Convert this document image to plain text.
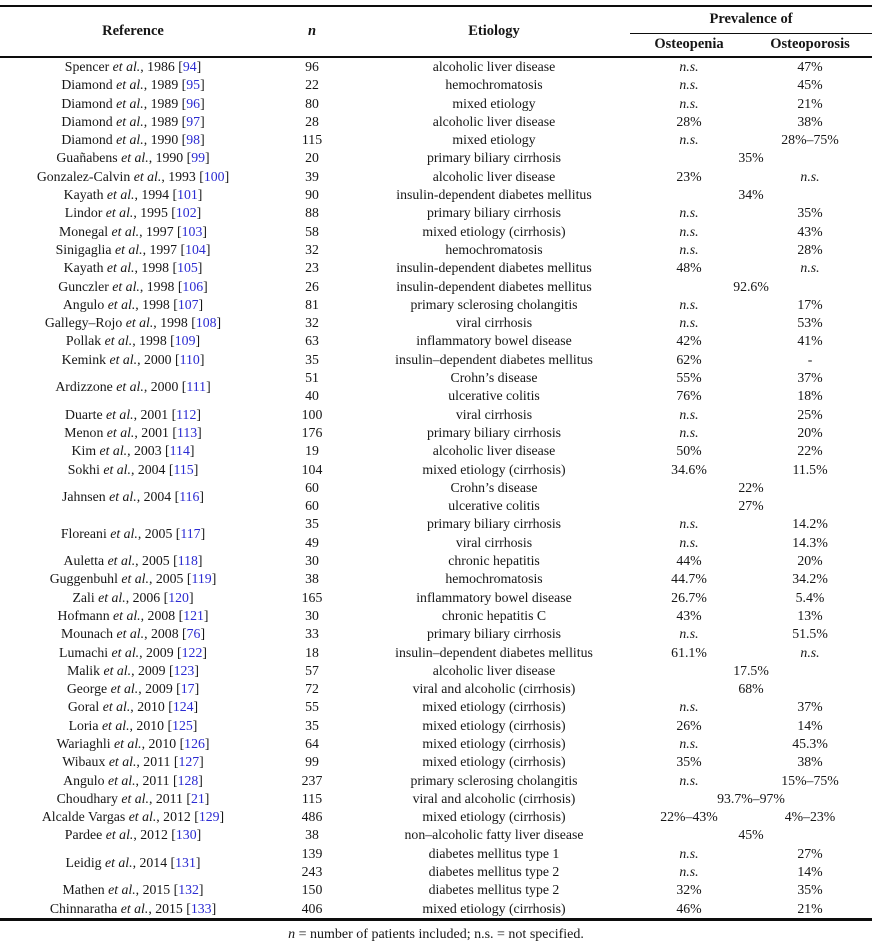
Reference	n	Etiology	Prevalence of	
			Osteopenia	Osteoporosis
Spencer et al., 1986 [94]	96	alcoholic liver disease	n.s.	47%
Diamond et al., 1989 [95]	22	hemochromatosis	n.s.	45%
Diamond et al., 1989 [96]	80	mixed etiology	n.s.	21%
Diamond et al., 1989 [97]	28	alcoholic liver disease	28%	38%
Diamond et al., 1990 [98]	115	mixed etiology	n.s.	28%–75%
Guañabens et al., 1990 [99]	20	primary biliary cirrhosis	35%	
Gonzalez-Calvin et al., 1993 [100]	39	alcoholic liver disease	23%	n.s.
Kayath et al., 1994 [101]	90	insulin-dependent diabetes mellitus	34%	
Lindor et al., 1995 [102]	88	primary biliary cirrhosis	n.s.	35%
Monegal et al., 1997 [103]	58	mixed etiology (cirrhosis)	n.s.	43%
Sinigaglia et al., 1997 [104]	32	hemochromatosis	n.s.	28%
Kayath et al., 1998 [105]	23	insulin-dependent diabetes mellitus	48%	n.s.
Gunczler et al., 1998 [106]	26	insulin-dependent diabetes mellitus	92.6%	
Angulo et al., 1998 [107]	81	primary sclerosing cholangitis	n.s.	17%
Gallegy–Rojo et al., 1998 [108]	32	viral cirrhosis	n.s.	53%
Pollak et al., 1998 [109]	63	inflammatory bowel disease	42%	41%
Kemink et al., 2000 [110]	35	insulin–dependent diabetes mellitus	62%	-
Ardizzone et al., 2000 [111]	51	Crohn’s disease	55%	37%
	40	ulcerative colitis	76%	18%
Duarte et al., 2001 [112]	100	viral cirrhosis	n.s.	25%
Menon et al., 2001 [113]	176	primary biliary cirrhosis	n.s.	20%
Kim et al., 2003 [114]	19	alcoholic liver disease	50%	22%
Sokhi et al., 2004 [115]	104	mixed etiology (cirrhosis)	34.6%	11.5%
Jahnsen et al., 2004 [116]	60	Crohn’s disease	22%	
	60	ulcerative colitis	27%	
Floreani et al., 2005 [117]	35	primary biliary cirrhosis	n.s.	14.2%
	49	viral cirrhosis	n.s.	14.3%
Auletta et al., 2005 [118]	30	chronic hepatitis	44%	20%
Guggenbuhl et al., 2005 [119]	38	hemochromatosis	44.7%	34.2%
Zali et al., 2006 [120]	165	inflammatory bowel disease	26.7%	5.4%
Hofmann et al., 2008 [121]	30	chronic hepatitis C	43%	13%
Mounach et al., 2008 [76]	33	primary biliary cirrhosis	n.s.	51.5%
Lumachi et al., 2009 [122]	18	insulin–dependent diabetes mellitus	61.1%	n.s.
Malik et al., 2009 [123]	57	alcoholic liver disease	17.5%	
George et al., 2009 [17]	72	viral and alcoholic (cirrhosis)	68%	
Goral et al., 2010 [124]	55	mixed etiology (cirrhosis)	n.s.	37%
Loria et al., 2010 [125]	35	mixed etiology (cirrhosis)	26%	14%
Wariaghli et al., 2010 [126]	64	mixed etiology (cirrhosis)	n.s.	45.3%
Wibaux et al., 2011 [127]	99	mixed etiology (cirrhosis)	35%	38%
Angulo et al., 2011 [128]	237	primary sclerosing cholangitis	n.s.	15%–75%
Choudhary et al., 2011 [21]	115	viral and alcoholic (cirrhosis)	93.7%–97%	
Alcalde Vargas et al., 2012 [129]	486	mixed etiology (cirrhosis)	22%–43%	4%–23%
Pardee et al., 2012 [130]	38	non–alcoholic fatty liver disease	45%	
Leidig et al., 2014 [131]	139	diabetes mellitus type 1	n.s.	27%
	243	diabetes mellitus type 2	n.s.	14%
Mathen et al., 2015 [132]	150	diabetes mellitus type 2	32%	35%
Chinnaratha et al., 2015 [133]	406	mixed etiology (cirrhosis)	46%	21%
n = number of patients included; n.s. = not specified.
